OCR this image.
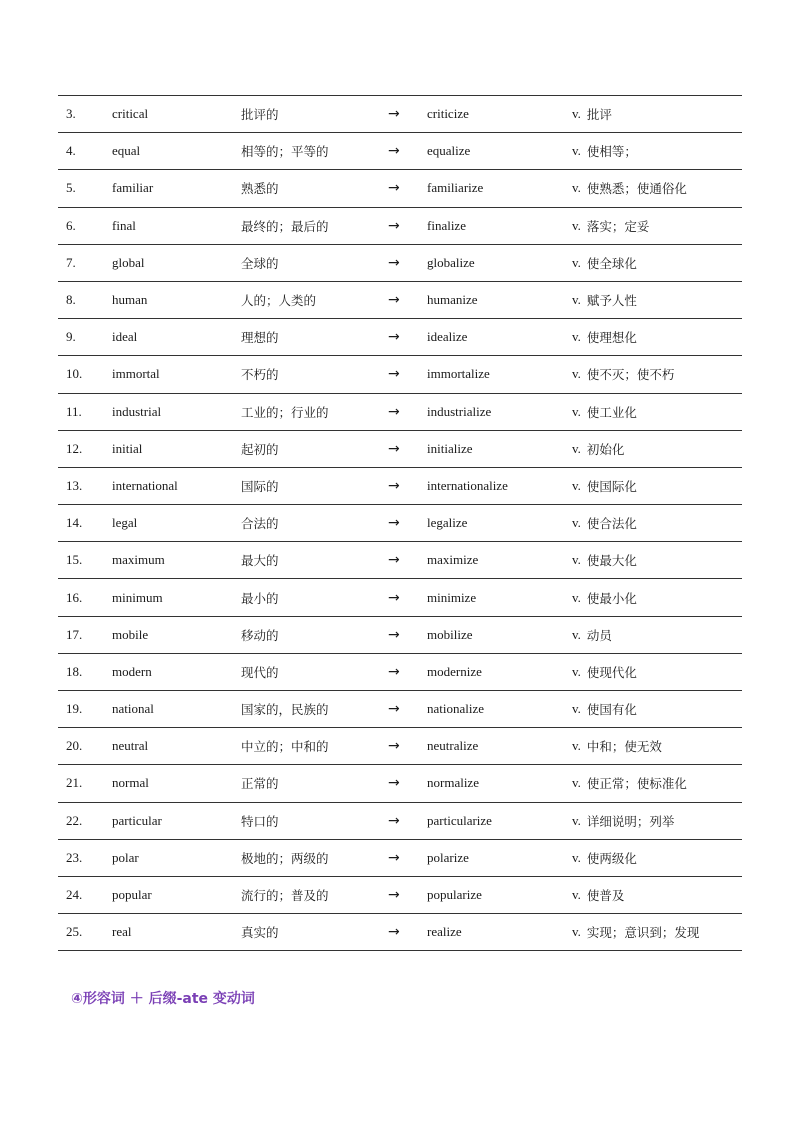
3.	critical	批评的	→ criticize	v. 批评
4.	equal	相等的；平等的	→ equalize	v. 使相等；
5.	familiar	熟悉的	→ familiarize	v. 使熟悉；使通俗化
6.	final	最终的；最后的	→ finalize	v. 落实；定妥
7.	global	全球的	→ globalize	v. 使全球化
8.	human	人的；人类的	→ humanize	v. 赋予人性
9.	ideal	理想的	→ idealize	v. 使理想化
10. immortal	不朽的	→ immortalize	v. 使不灭；使不朽
11. industrial	工业的；行业的	→ industrialize	v. 使工业化
12. initial	起初的	→ initialize	v. 初始化
13. international	国际的	→ internationalize	v. 使国际化
14. legal	合法的	→ legalize	v. 使合法化
15. maximum	最大的	→ maximize	v. 使最大化
16. minimum	最小的	→ minimize	v. 使最小化
17. mobile	移动的	→ mobilize	v. 动员
18. modern	现代的	→ modernize	v. 使现代化
19. national	国家的，民族的	→ nationalize	v. 使国有化
20. neutral	中立的；中和的	→ neutralize	v. 中和；使无效
21. normal	正常的	→ normalize	v. 使正常；使标准化
22. particular	特⼝的	→ particularize	v. 详细说明；列举
23. polar	极地的；两级的	→ polarize	v. 使两级化
24. popular	流行的；普及的	→ popularize	v. 使普及
25. real	真实的	→ realize	v. 实现；意识到；发现
④形容词 ＋ 后缀-ate 变动词
